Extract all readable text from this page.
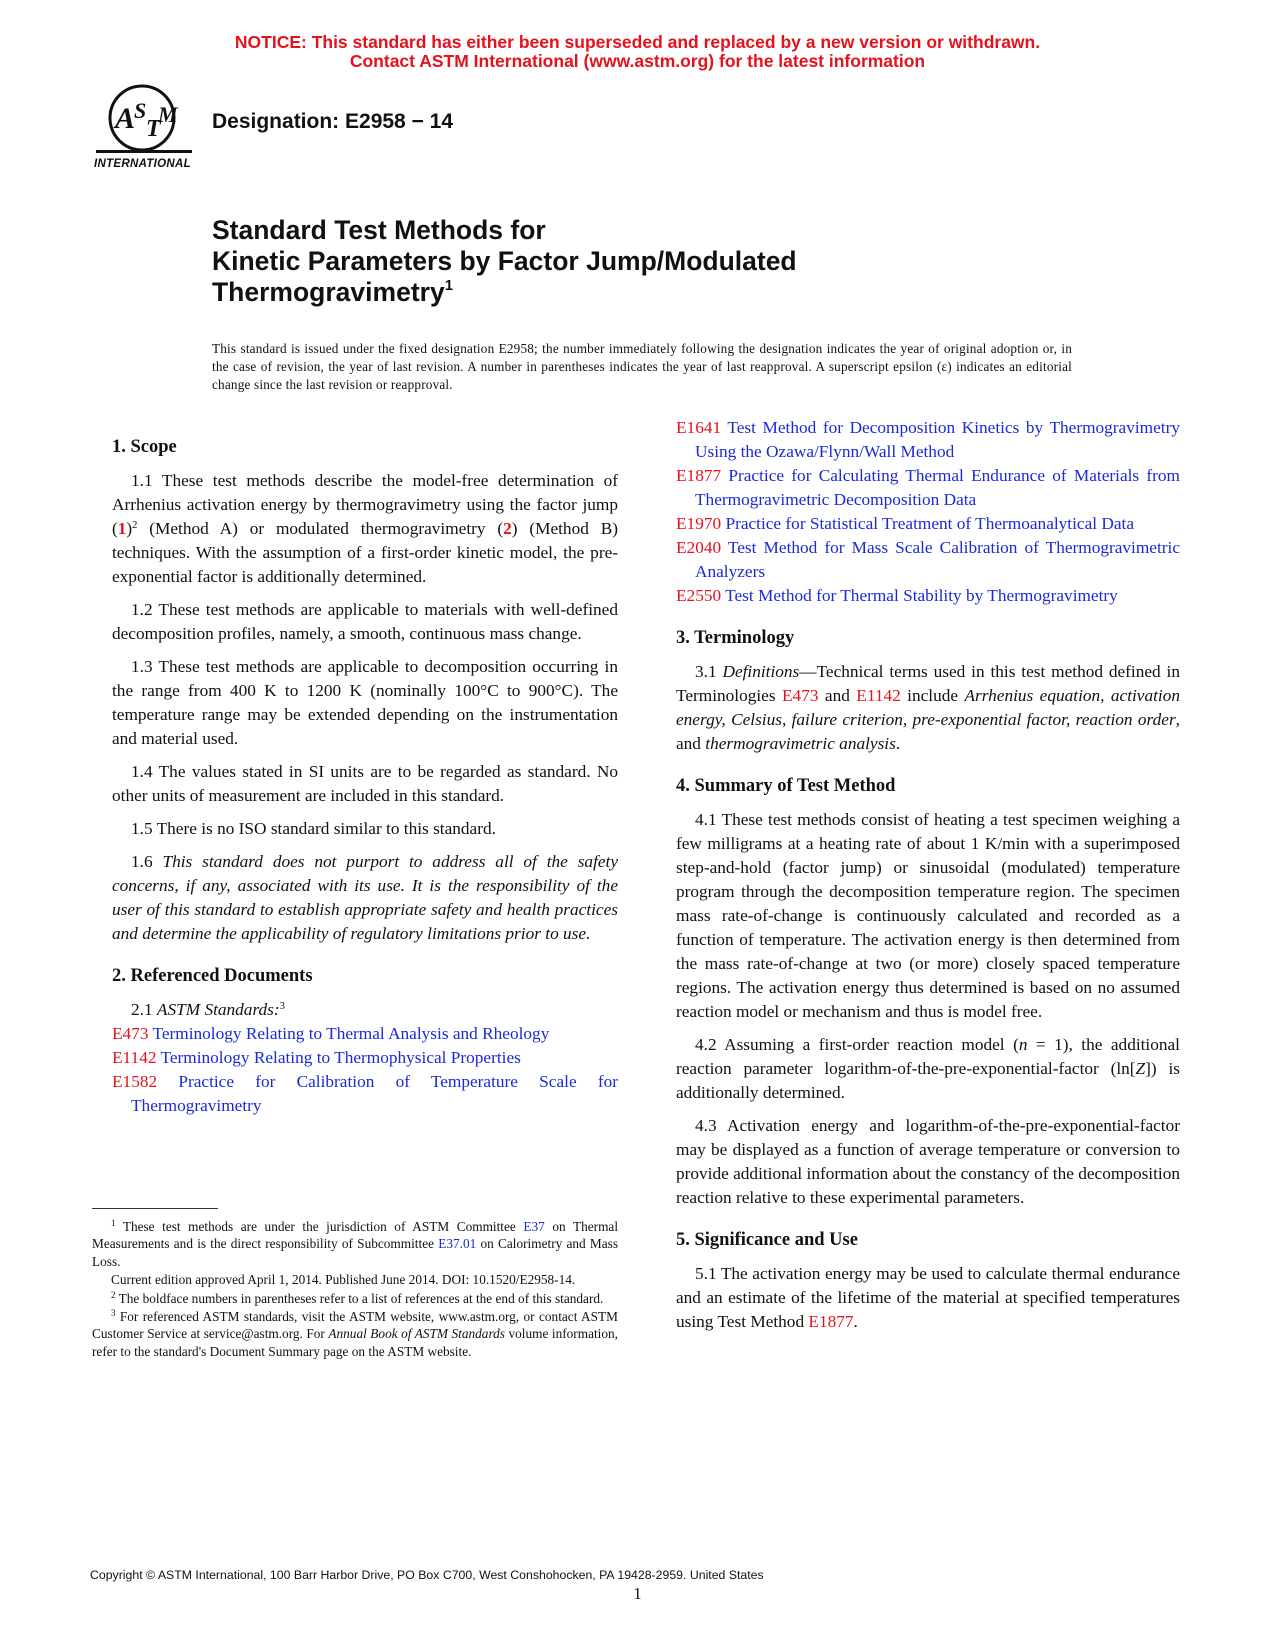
NOTICE: This standard has either been superseded and replaced by a new version or withdrawn.
Contact ASTM International (www.astm.org) for the latest information
A
S
T
M
INTERNATIONAL
Designation: E2958 − 14
Standard Test Methods for
Kinetic Parameters by Factor Jump/Modulated
Thermogravimetry$^1$
This standard is issued under the fixed designation E2958; the number immediately following the designation indicates the year of original adoption or, in the case of revision, the year of last revision. A number in parentheses indicates the year of last reapproval. A superscript epsilon (ε) indicates an editorial change since the last revision or reapproval.
1. Scope
1.1 These test methods describe the model-free determination of Arrhenius activation energy by thermogravimetry using the factor jump $(1)^2$ (Method A) or modulated thermogravimetry (2) (Method B) techniques. With the assumption of a first-order kinetic model, the pre-exponential factor is additionally determined.
1.2 These test methods are applicable to materials with well-defined decomposition profiles, namely, a smooth, continuous mass change.
1.3 These test methods are applicable to decomposition occurring in the range from 400 K to 1200 K (nominally 100°C to 900°C). The temperature range may be extended depending on the instrumentation and material used.
1.4 The values stated in SI units are to be regarded as standard. No other units of measurement are included in this standard.
1.5 There is no ISO standard similar to this standard.
1.6 This standard does not purport to address all of the safety concerns, if any, associated with its use. It is the responsibility of the user of this standard to establish appropriate safety and health practices and determine the applicability of regulatory limitations prior to use.
2. Referenced Documents
2.1 ASTM Standards:$^3$
E473 Terminology Relating to Thermal Analysis and Rheology
E1142 Terminology Relating to Thermophysical Properties
E1582 Practice for Calibration of Temperature Scale for Thermogravimetry
$^1$ These test methods are under the jurisdiction of ASTM Committee E37 on Thermal Measurements and is the direct responsibility of Subcommittee E37.01 on Calorimetry and Mass Loss.
Current edition approved April 1, 2014. Published June 2014. DOI: 10.1520/E2958-14.
$^2$ The boldface numbers in parentheses refer to a list of references at the end of this standard.
$^3$ For referenced ASTM standards, visit the ASTM website, www.astm.org, or contact ASTM Customer Service at service@astm.org. For Annual Book of ASTM Standards volume information, refer to the standard's Document Summary page on the ASTM website.
E1641 Test Method for Decomposition Kinetics by Thermogravimetry Using the Ozawa/Flynn/Wall Method
E1877 Practice for Calculating Thermal Endurance of Materials from Thermogravimetric Decomposition Data
E1970 Practice for Statistical Treatment of Thermoanalytical Data
E2040 Test Method for Mass Scale Calibration of Thermogravimetric Analyzers
E2550 Test Method for Thermal Stability by Thermogravimetry
3. Terminology
3.1 Definitions—Technical terms used in this test method defined in Terminologies E473 and E1142 include Arrhenius equation, activation energy, Celsius, failure criterion, pre-exponential factor, reaction order, and thermogravimetric analysis.
4. Summary of Test Method
4.1 These test methods consist of heating a test specimen weighing a few milligrams at a heating rate of about 1 K/min with a superimposed step-and-hold (factor jump) or sinusoidal (modulated) temperature program through the decomposition temperature region. The specimen mass rate-of-change is continuously calculated and recorded as a function of temperature. The activation energy is then determined from the mass rate-of-change at two (or more) closely spaced temperature regions. The activation energy thus determined is based on no assumed reaction model or mechanism and thus is model free.
4.2 Assuming a first-order reaction model (n = 1), the additional reaction parameter logarithm-of-the-pre-exponential-factor (ln[Z]) is additionally determined.
4.3 Activation energy and logarithm-of-the-pre-exponential-factor may be displayed as a function of average temperature or conversion to provide additional information about the constancy of the decomposition reaction relative to these experimental parameters.
5. Significance and Use
5.1 The activation energy may be used to calculate thermal endurance and an estimate of the lifetime of the material at specified temperatures using Test Method E1877.
Copyright © ASTM International, 100 Barr Harbor Drive, PO Box C700, West Conshohocken, PA 19428-2959. United States
1
